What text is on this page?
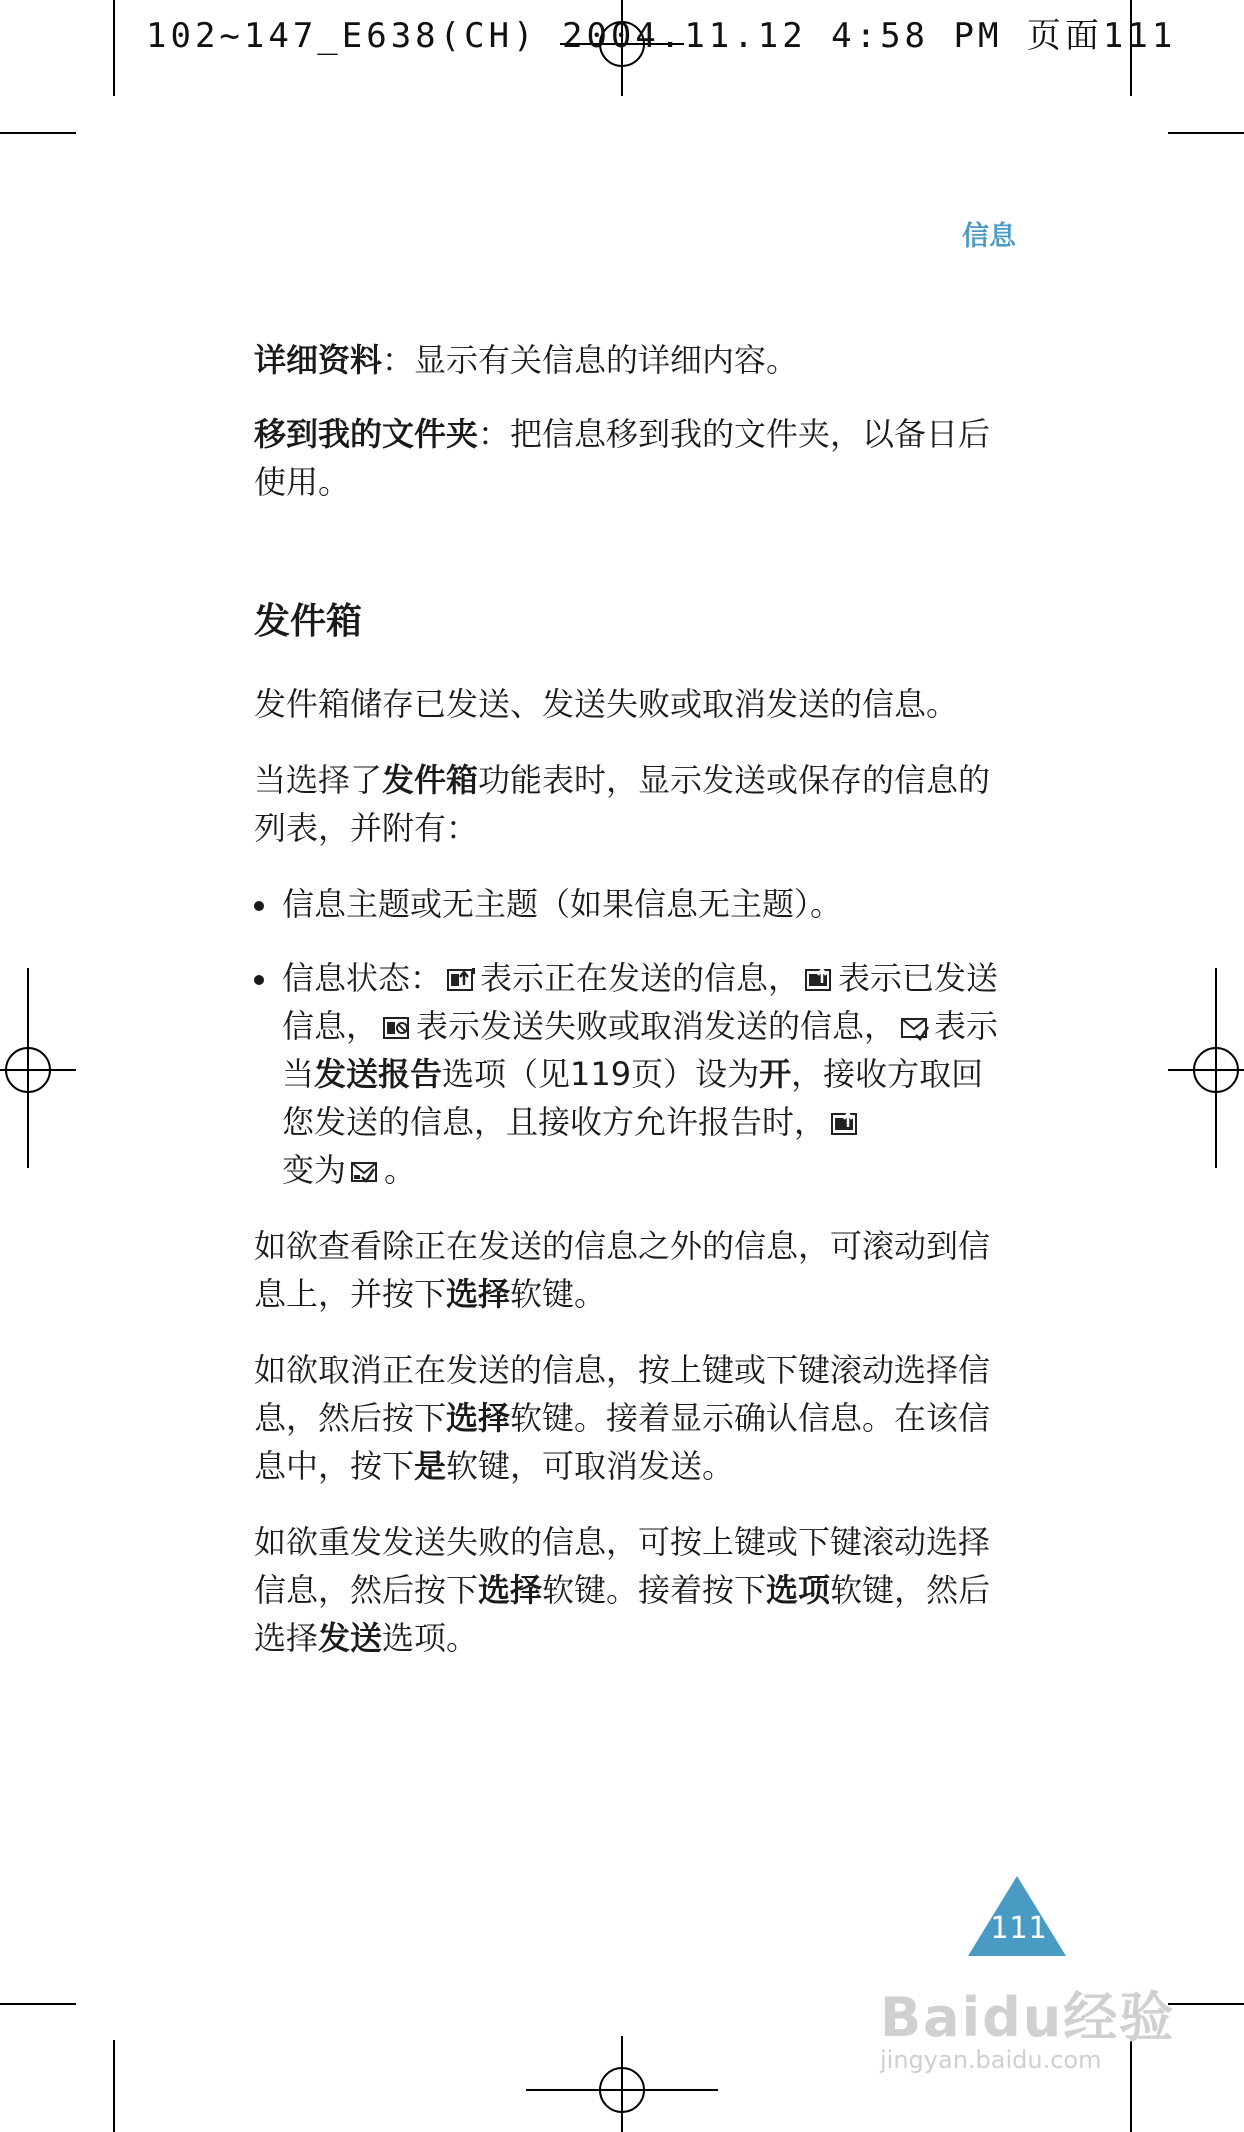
102~147_E638(CH) 2004.11.12 4:58 PM 页面111
信息

详细资料：显示有关信息的详细内容。

移到我的文件夹：把信息移到我的文件夹，以备日后使用。

发件箱

发件箱储存已发送、发送失败或取消发送的信息。

当选择了发件箱功能表时，显示发送或保存的信息的列表，并附有：

信息主题或无主题（如果信息无主题）。
信息状态： 表示正在发送的信息， 表示已发送信息， 表示发送失败或取消发送的信息， 表示当发送报告选项（见119页）设为开，接收方取回您发送的信息，且接收方允许报告时，
变为 。

如欲查看除正在发送的信息之外的信息，可滚动到信息上，并按下选择软键。

如欲取消正在发送的信息，按上键或下键滚动选择信息，然后按下选择软键。接着显示确认信息。在该信息中，按下是软键，可取消发送。

如欲重发发送失败的信息，可按上键或下键滚动选择信息，然后按下选择软键。接着按下选项软键，然后选择发送选项。

111
Baidu经验
jingyan.baidu.com
